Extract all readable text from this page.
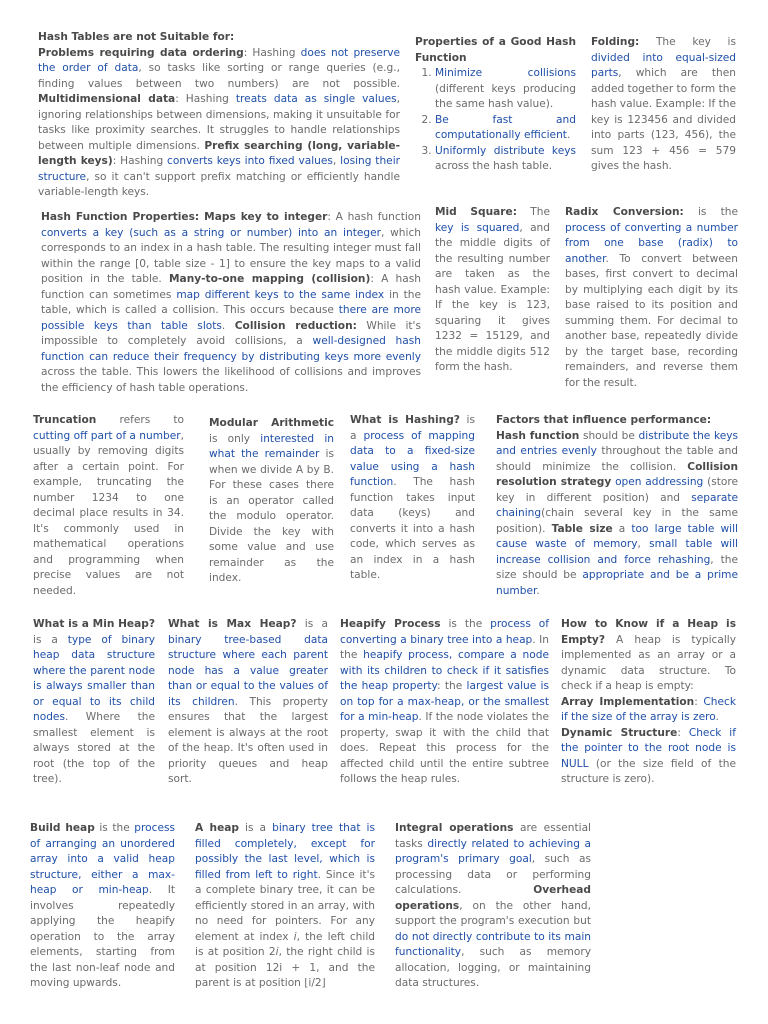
Hash Tables are not Suitable for:
Problems requiring data ordering: Hashing does not preserve the order of data, so tasks like sorting or range queries (e.g., finding values between two numbers) are not possible. Multidimensional data: Hashing treats data as single values, ignoring relationships between dimensions, making it unsuitable for tasks like proximity searches. It struggles to handle relationships between multiple dimensions. Prefix searching (long, variable-length keys): Hashing converts keys into fixed values, losing their structure, so it can't support prefix matching or efficiently handle variable-length keys.
Properties of a Good Hash Function
1. Minimize collisions (different keys producing the same hash value).
2. Be fast and computationally efficient.
3. Uniformly distribute keys across the hash table.
Folding: The key is divided into equal-sized parts, which are then added together to form the hash value. Example: If the key is 123456 and divided into parts (123, 456), the sum 123 + 456 = 579 gives the hash.
Hash Function Properties: Maps key to integer: A hash function converts a key (such as a string or number) into an integer, which corresponds to an index in a hash table. The resulting integer must fall within the range [0, table size - 1] to ensure the key maps to a valid position in the table. Many-to-one mapping (collision): A hash function can sometimes map different keys to the same index in the table, which is called a collision. This occurs because there are more possible keys than table slots. Collision reduction: While it's impossible to completely avoid collisions, a well-designed hash function can reduce their frequency by distributing keys more evenly across the table. This lowers the likelihood of collisions and improves the efficiency of hash table operations.
Mid Square: The key is squared, and the middle digits of the resulting number are taken as the hash value. Example: If the key is 123, squaring it gives 1232 = 15129, and the middle digits 512 form the hash.
Radix Conversion: is the process of converting a number from one base (radix) to another. To convert between bases, first convert to decimal by multiplying each digit by its base raised to its position and summing them. For decimal to another base, repeatedly divide by the target base, recording remainders, and reverse them for the result.
Truncation refers to cutting off part of a number, usually by removing digits after a certain point. For example, truncating the number 1234 to one decimal place results in 34. It's commonly used in mathematical operations and programming when precise values are not needed.
Modular Arithmetic is only interested in what the remainder is when we divide A by B. For these cases there is an operator called the modulo operator. Divide the key with some value and use remainder as the index.
What is Hashing? is a process of mapping data to a fixed-size value using a hash function. The hash function takes input data (keys) and converts it into a hash code, which serves as an index in a hash table.
Factors that influence performance:
Hash function should be distribute the keys and entries evenly throughout the table and should minimize the collision. Collision resolution strategy open addressing (store key in different position) and separate chaining(chain several key in the same position). Table size a too large table will cause waste of memory, small table will increase collision and force rehashing, the size should be appropriate and be a prime number.
What is a Min Heap? is a type of binary heap data structure where the parent node is always smaller than or equal to its child nodes. Where the smallest element is always stored at the root (the top of the tree).
What is Max Heap? is a binary tree-based data structure where each parent node has a value greater than or equal to the values of its children. This property ensures that the largest element is always at the root of the heap. It's often used in priority queues and heap sort.
Heapify Process is the process of converting a binary tree into a heap. In the heapify process, compare a node with its children to check if it satisfies the heap property: the largest value is on top for a max-heap, or the smallest for a min-heap. If the node violates the property, swap it with the child that does. Repeat this process for the affected child until the entire subtree follows the heap rules.
How to Know if a Heap is Empty? A heap is typically implemented as an array or a dynamic data structure. To check if a heap is empty:
Array Implementation: Check if the size of the array is zero.
Dynamic Structure: Check if the pointer to the root node is NULL (or the size field of the structure is zero).
Build heap is the process of arranging an unordered array into a valid heap structure, either a max-heap or min-heap. It involves repeatedly applying the heapify operation to the array elements, starting from the last non-leaf node and moving upwards.
A heap is a binary tree that is filled completely, except for possibly the last level, which is filled from left to right. Since it's a complete binary tree, it can be efficiently stored in an array, with no need for pointers. For any element at index i, the left child is at position 2i, the right child is at position 12i + 1, and the parent is at position ⌊i/2⌋
Integral operations are essential tasks directly related to achieving a program's primary goal, such as processing data or performing calculations. Overhead operations, on the other hand, support the program's execution but do not directly contribute to its main functionality, such as memory allocation, logging, or maintaining data structures.
